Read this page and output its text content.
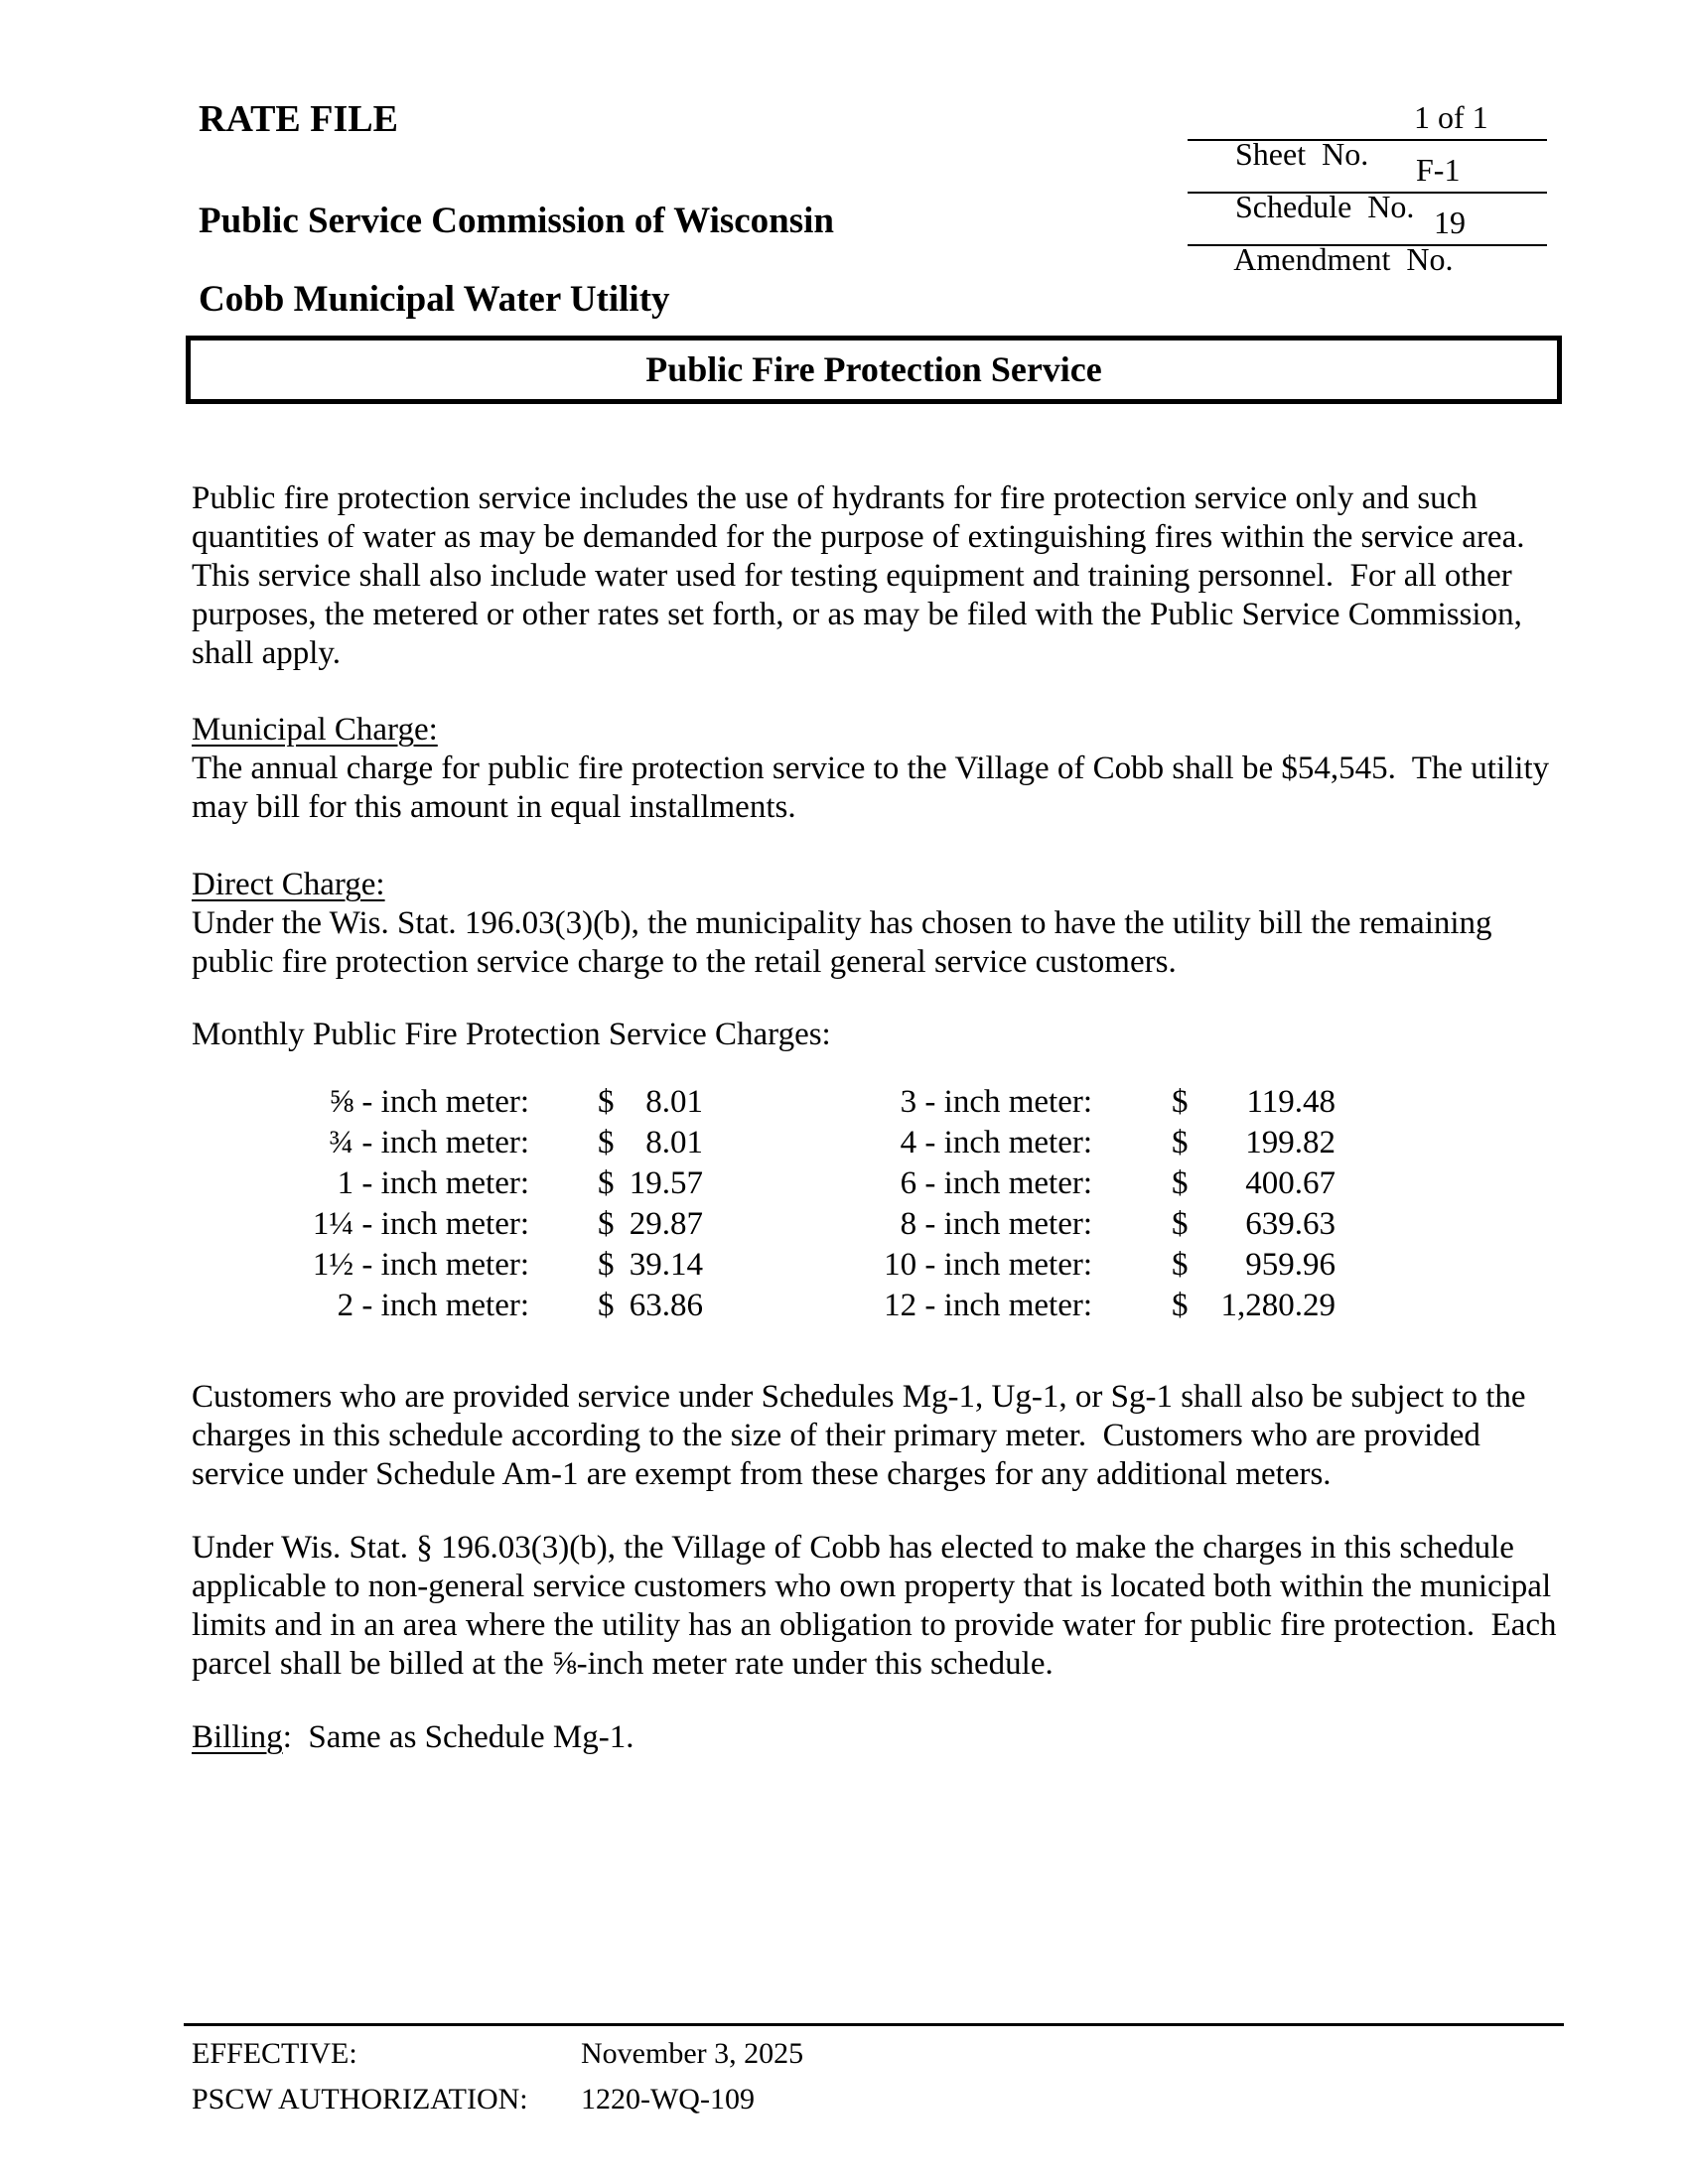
RATE FILE
Public Service Commission of Wisconsin
Cobb Municipal Water Utility

Sheet  No.

1 of 1

Schedule  No.

F-1

Amendment  No.

19

Public Fire Protection Service
Public fire protection service includes the use of hydrants for fire protection service only and such quantities of water as may be demanded for the purpose of extinguishing fires within the service area.  This service shall also include water used for testing equipment and training personnel.  For all other purposes, the metered or other rates set forth, or as may be filed with the Public Service Commission, shall apply.
Municipal Charge:
The annual charge for public fire protection service to the Village of Cobb shall be $54,545.  The utility may bill for this amount in equal installments.
Direct Charge:
Under the Wis. Stat. 196.03(3)(b), the municipality has chosen to have the utility bill the remaining public fire protection service charge to the retail general service customers.
Monthly Public Fire Protection Service Charges:
⅝ - inch meter:	$ 8.01	3 - inch meter:	$	119.48
¾ - inch meter:	$ 8.01	4 - inch meter:	$	199.82
1 - inch meter:	$ 19.57	6 - inch meter:	$	400.67
1¼ - inch meter:	$ 29.87	8 - inch meter:	$	639.63
1½ - inch meter:	$ 39.14	10 - inch meter:	$	959.96
2 - inch meter:	$ 63.86	12 - inch meter:	$	1,280.29
Customers who are provided service under Schedules Mg-1, Ug-1, or Sg-1 shall also be subject to the charges in this schedule according to the size of their primary meter.  Customers who are provided service under Schedule Am-1 are exempt from these charges for any additional meters.
Under Wis. Stat. § 196.03(3)(b), the Village of Cobb has elected to make the charges in this schedule applicable to non-general service customers who own property that is located both within the municipal limits and in an area where the utility has an obligation to provide water for public fire protection.  Each parcel shall be billed at the ⅝-inch meter rate under this schedule.
Billing:  Same as Schedule Mg-1.
EFFECTIVE:	November 3, 2025
PSCW AUTHORIZATION: 1220-WQ-109
